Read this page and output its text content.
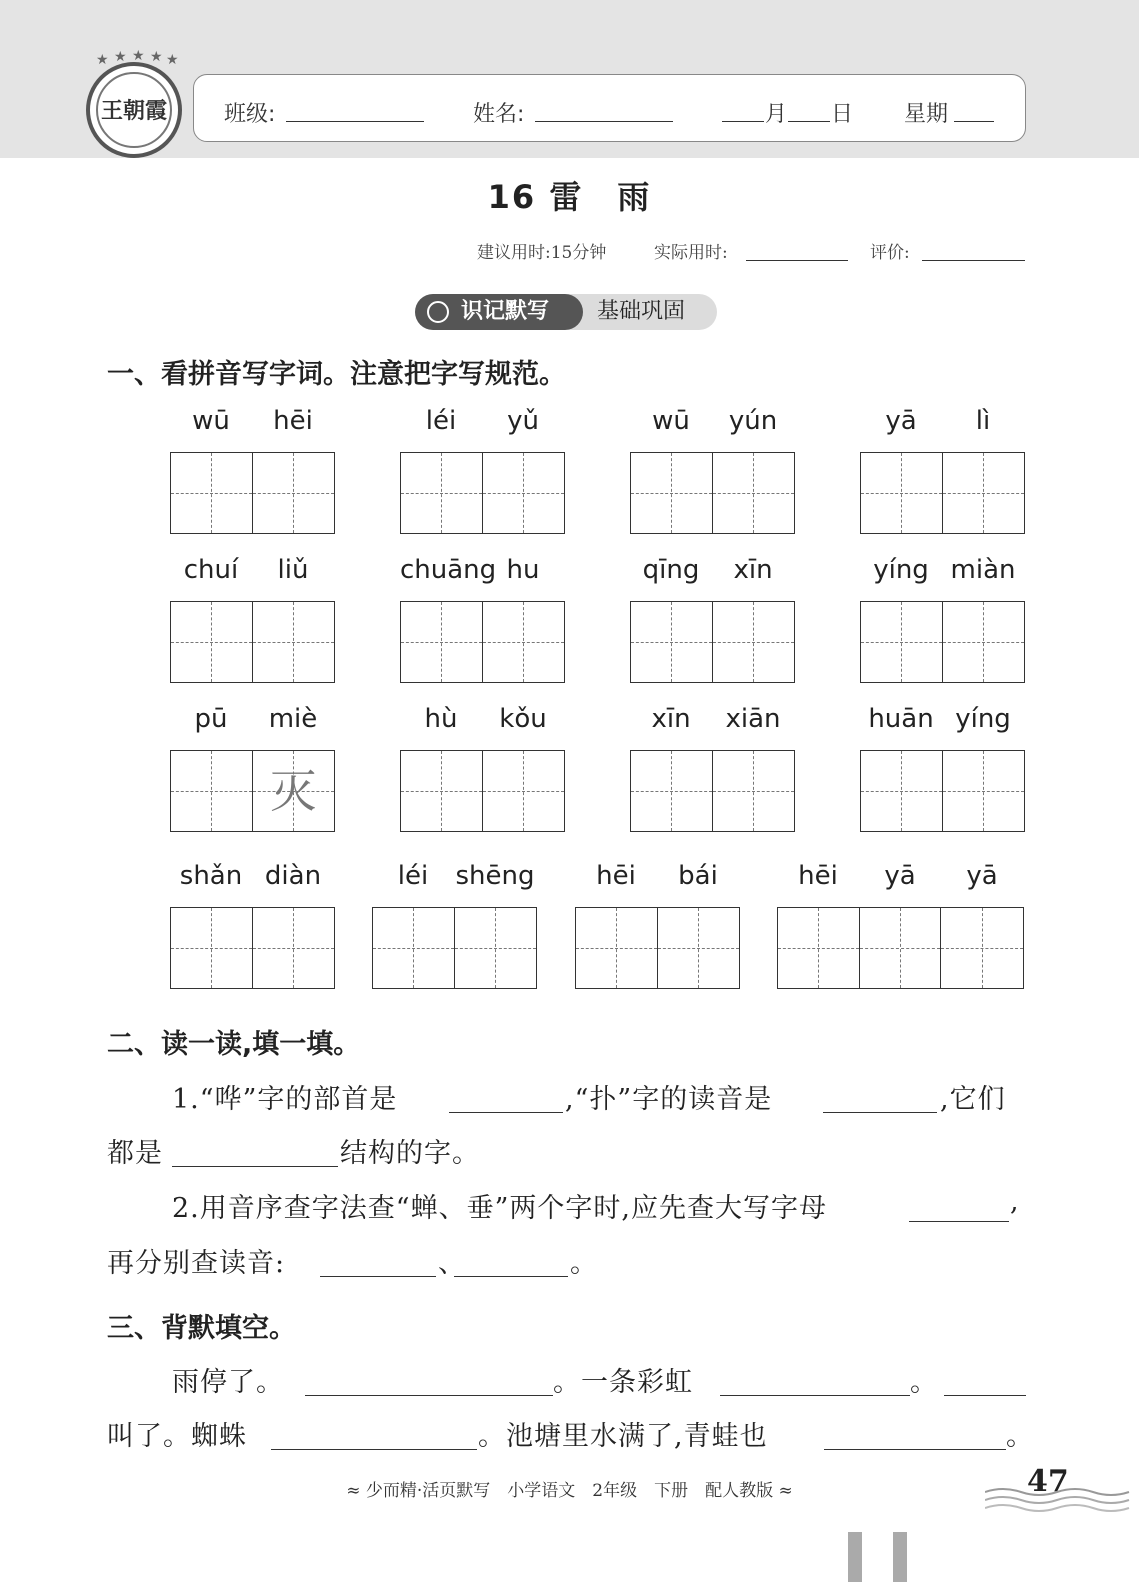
★ ★ ★ ★ ★
王朝霞	班级:	姓名:	月 日 星期
16 雷　雨
建议用时:15分钟	实际用时:	评价:
识记默写	基础巩固
一、看拼音写字词。注意把字写规范。
wū	hēi	léi	yǔ	wū	yún	yā	lì
chuí	liǔ	chuāng hu	qīng	xīn	yíng miàn
pū	miè
灭
hù	kǒu	xīn	xiān	huān yíng
shǎn diàn	léi	shēng	hēi	bái	hēi	yā	yā
二、读一读,填一填。
1.“哗”字的部首是	,“扑”字的读音是	,它们
都是	结构的字。
2.用音序查字法查“蝉、垂”两个字时,应先查大写字母	,
再分别查读音:	、	。
三、背默填空。
雨停了。	。一条彩虹	。
叫了。蜘蛛	。池塘里水满了,青蛙也	。
≈ 少而精·活页默写　小学语文　2年级　下册　配人教版 ≈	47
